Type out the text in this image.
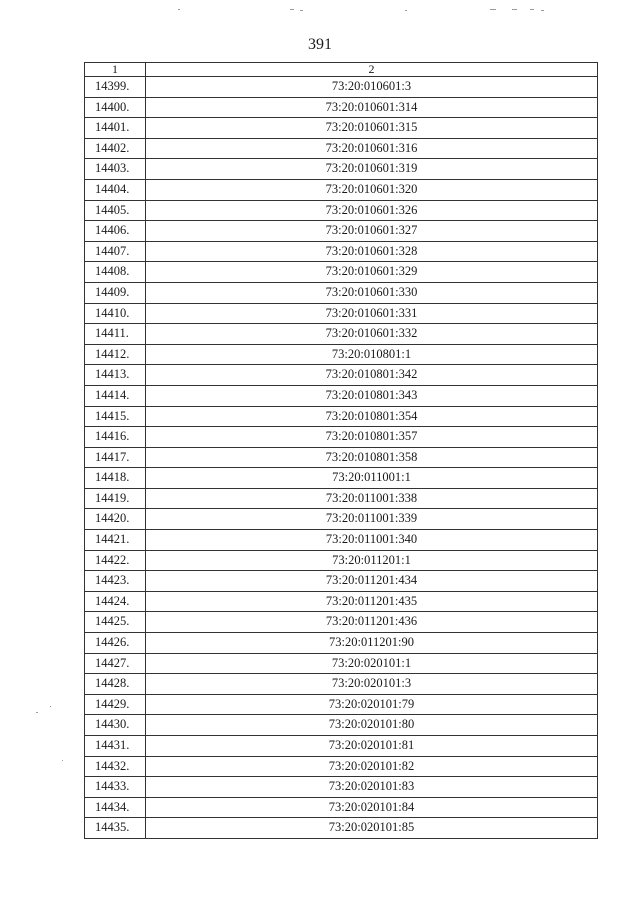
391
1	2
14399.	73:20:010601:3
14400.	73:20:010601:314
14401.	73:20:010601:315
14402.	73:20:010601:316
14403.	73:20:010601:319
14404.	73:20:010601:320
14405.	73:20:010601:326
14406.	73:20:010601:327
14407.	73:20:010601:328
14408.	73:20:010601:329
14409.	73:20:010601:330
14410.	73:20:010601:331
14411.	73:20:010601:332
14412.	73:20:010801:1
14413.	73:20:010801:342
14414.	73:20:010801:343
14415.	73:20:010801:354
14416.	73:20:010801:357
14417.	73:20:010801:358
14418.	73:20:011001:1
14419.	73:20:011001:338
14420.	73:20:011001:339
14421.	73:20:011001:340
14422.	73:20:011201:1
14423.	73:20:011201:434
14424.	73:20:011201:435
14425.	73:20:011201:436
14426.	73:20:011201:90
14427.	73:20:020101:1
14428.	73:20:020101:3
14429.	73:20:020101:79
14430.	73:20:020101:80
14431.	73:20:020101:81
14432.	73:20:020101:82
14433.	73:20:020101:83
14434.	73:20:020101:84
14435.	73:20:020101:85
